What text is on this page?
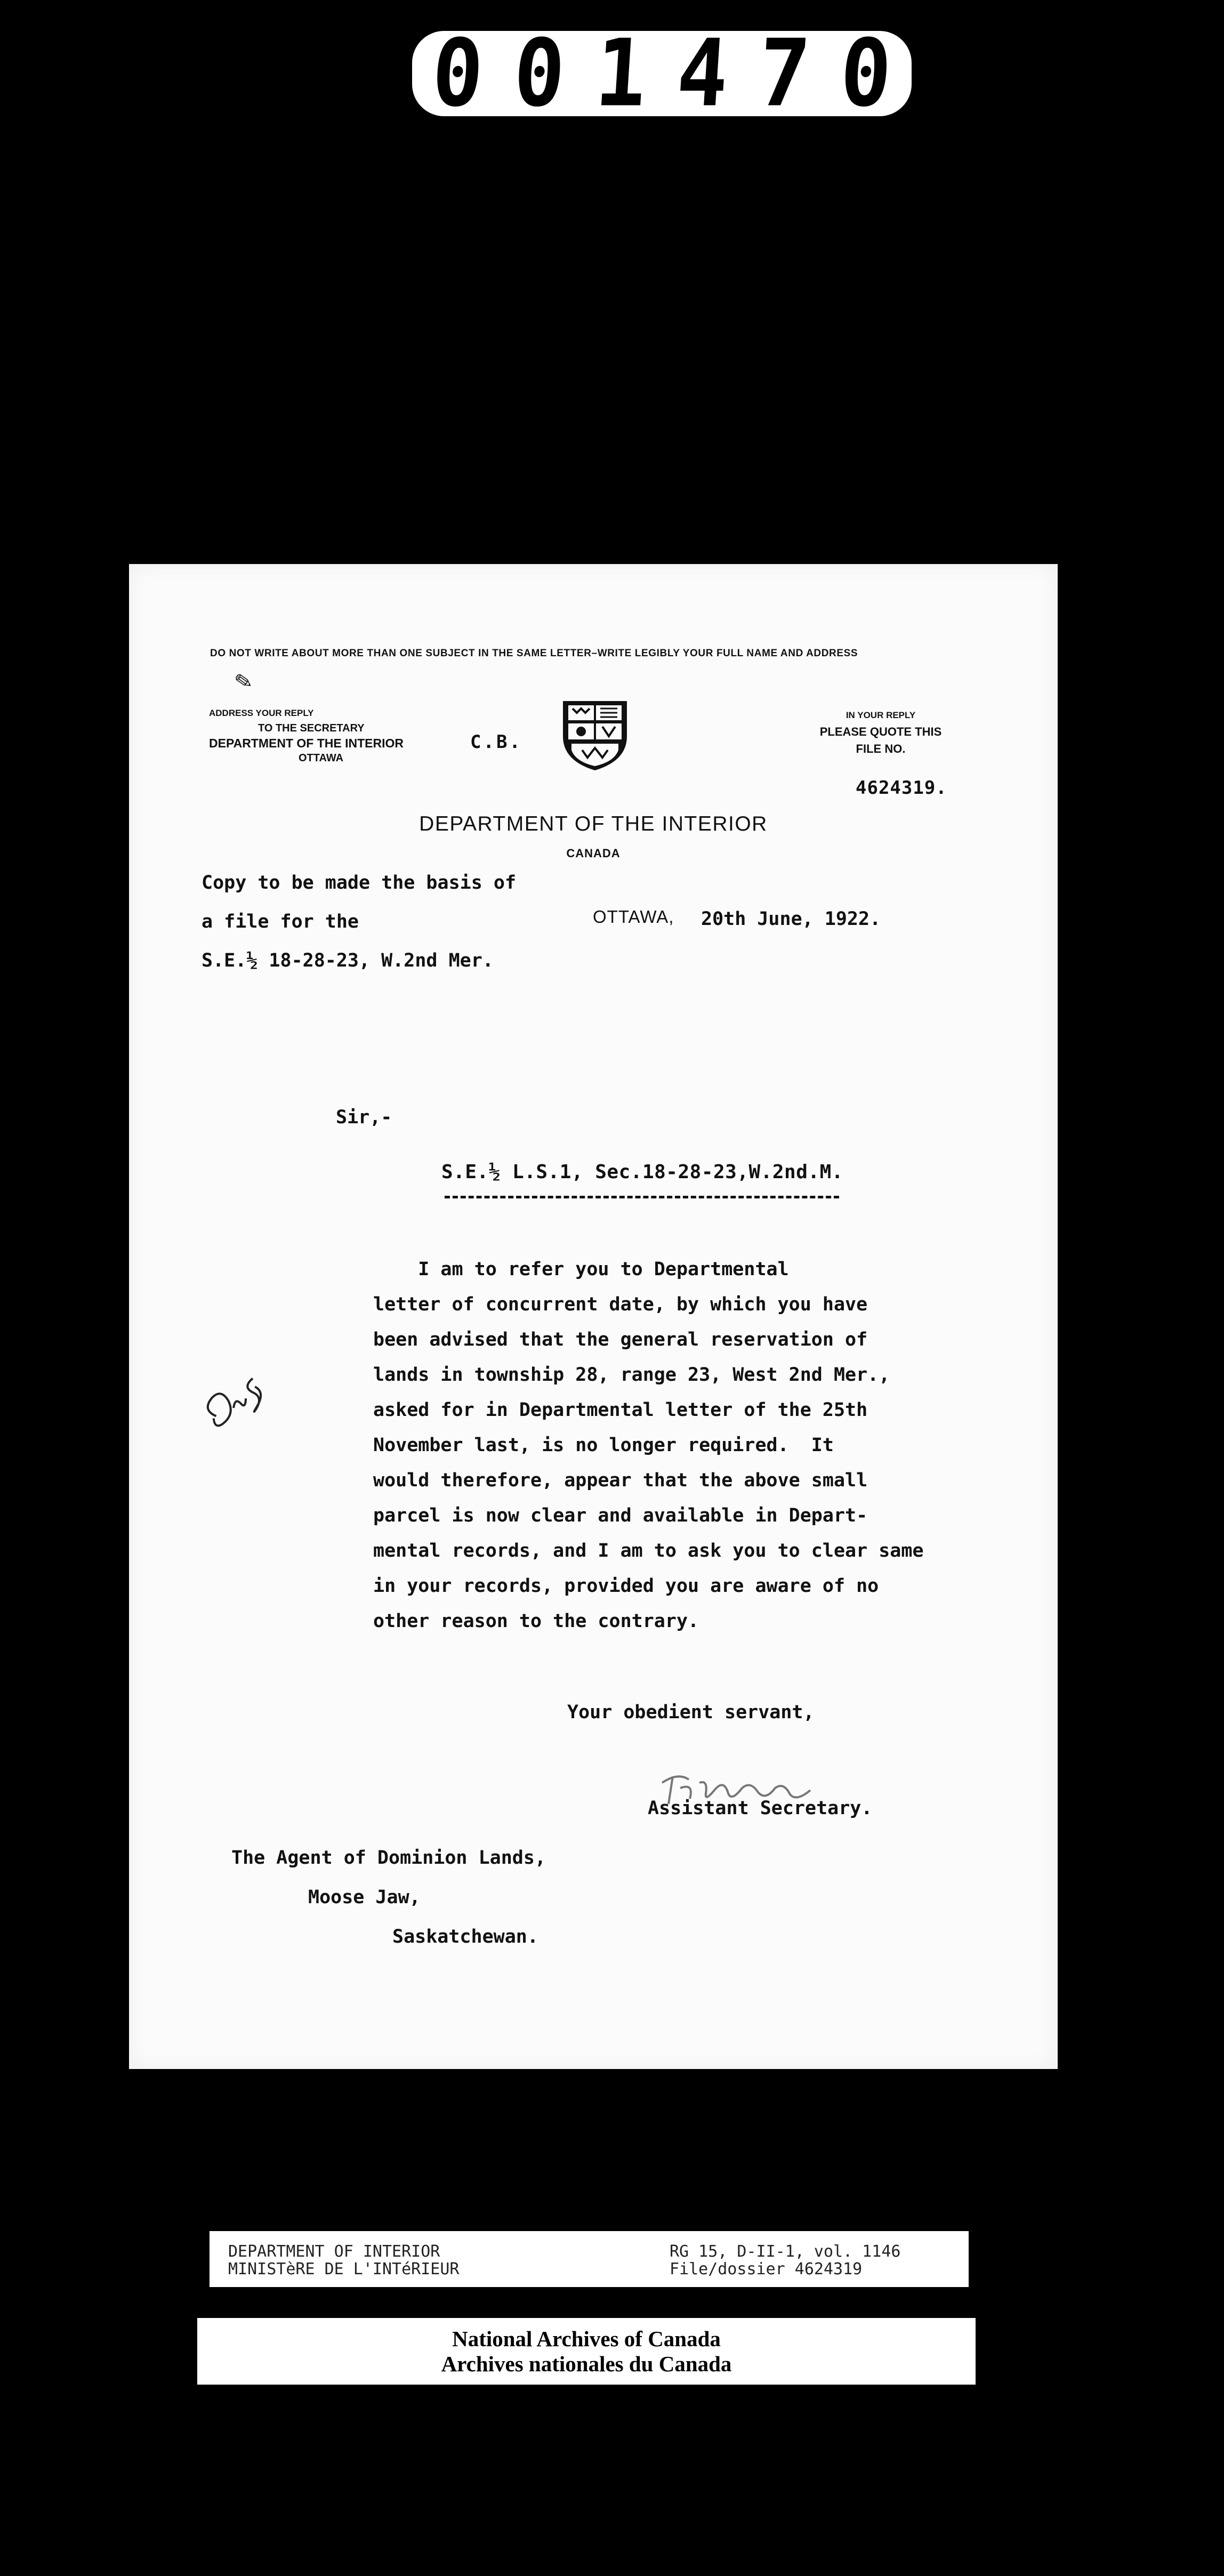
001470
DO NOT WRITE ABOUT MORE THAN ONE SUBJECT IN THE SAME LETTER–WRITE LEGIBLY YOUR FULL NAME AND ADDRESS
✎
ADDRESS YOUR REPLY
TO THE SECRETARY
DEPARTMENT OF THE INTERIOR
OTTAWA
C.B.
IN YOUR REPLY
PLEASE QUOTE THIS
FILE NO.
4624319.
DEPARTMENT OF THE INTERIOR
CANADA
Copy to be made the basis of
a file for the
S.E.½ 18-28-23, W.2nd Mer.
OTTAWA, 20th June, 1922.
Sir,-
S.E.½ L.S.1, Sec.18-28-23,W.2nd.M.
I am to refer you to Departmental
letter of concurrent date, by which you have
been advised that the general reservation of
lands in township 28, range 23, West 2nd Mer.,
asked for in Departmental letter of the 25th
November last, is no longer required.  It
would therefore, appear that the above small
parcel is now clear and available in Depart-
mental records, and I am to ask you to clear same
in your records, provided you are aware of no
other reason to the contrary.
Your obedient servant,
Assistant Secretary.
The Agent of Dominion Lands,
Moose Jaw,
Saskatchewan.
DEPARTMENT OF INTERIOR
MINISTèRE DE L'INTéRIEUR
RG 15, D-II-1, vol. 1146
File/dossier 4624319
National Archives of Canada
Archives nationales du Canada
